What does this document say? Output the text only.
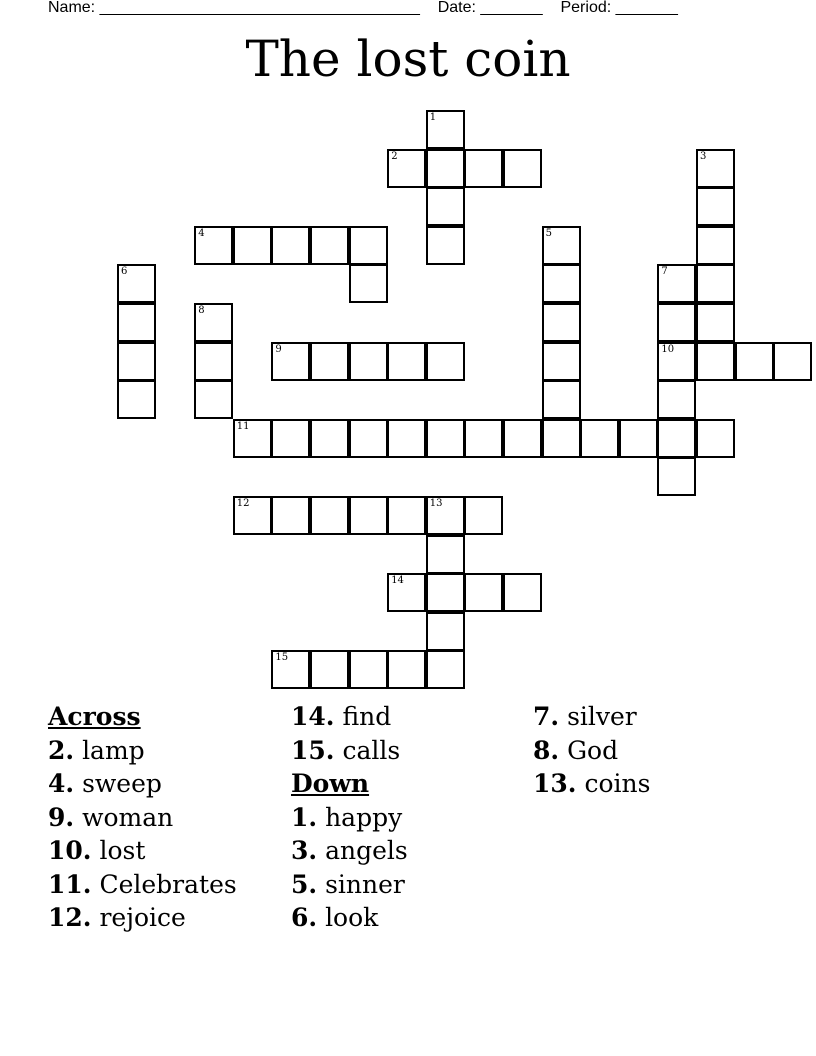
Name: ____________________________________ Date: _______ Period: _______
The lost coin
1
2	3
4	5
6	7
8
9	10
11
12	13
14
15
Across
2. lamp
4. sweep
9. woman
10. lost
11. Celebrates
12. rejoice
14. find
15. calls
Down
1. happy
3. angels
5. sinner
6. look
7. silver
8. God
13. coins
